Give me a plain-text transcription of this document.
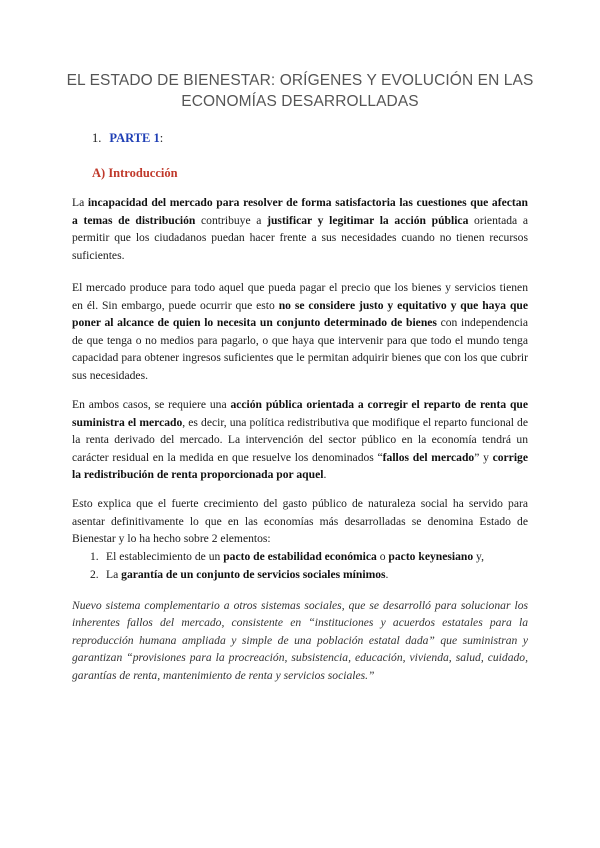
EL ESTADO DE BIENESTAR: ORÍGENES Y EVOLUCIÓN EN LAS
ECONOMÍAS DESARROLLADAS
1. PARTE 1:
A) Introducción

La incapacidad del mercado para resolver de forma satisfactoria las cuestiones que afectan a temas de distribución contribuye a justificar y legitimar la acción pública orientada a permitir que los ciudadanos puedan hacer frente a sus necesidades cuando no tienen recursos suficientes.

El mercado produce para todo aquel que pueda pagar el precio que los bienes y servicios tienen en él. Sin embargo, puede ocurrir que esto no se considere justo y equitativo y que haya que poner al alcance de quien lo necesita un conjunto determinado de bienes con independencia de que tenga o no medios para pagarlo, o que haya que intervenir para que todo el mundo tenga capacidad para obtener ingresos suficientes que le permitan adquirir bienes que con los que cubrir sus necesidades.

En ambos casos, se requiere una acción pública orientada a corregir el reparto de renta que suministra el mercado, es decir, una política redistributiva que modifique el reparto funcional de la renta derivado del mercado. La intervención del sector público en la economía tendrá un carácter residual en la medida en que resuelve los denominados “fallos del mercado” y corrige la redistribución de renta proporcionada por aquel.

Esto explica que el fuerte crecimiento del gasto público de naturaleza social ha servido para asentar definitivamente lo que en las economías más desarrolladas se denomina Estado de Bienestar y lo ha hecho sobre 2 elementos:

1. El establecimiento de un pacto de estabilidad económica o pacto keynesiano y,
2. La garantía de un conjunto de servicios sociales mínimos.

Nuevo sistema complementario a otros sistemas sociales, que se desarrolló para solucionar los inherentes fallos del mercado, consistente en “instituciones y acuerdos estatales para la reproducción humana ampliada y simple de una población estatal dada” que suministran y garantizan “provisiones para la procreación, subsistencia, educación, vivienda, salud, cuidado, garantías de renta, mantenimiento de renta y servicios sociales.”
